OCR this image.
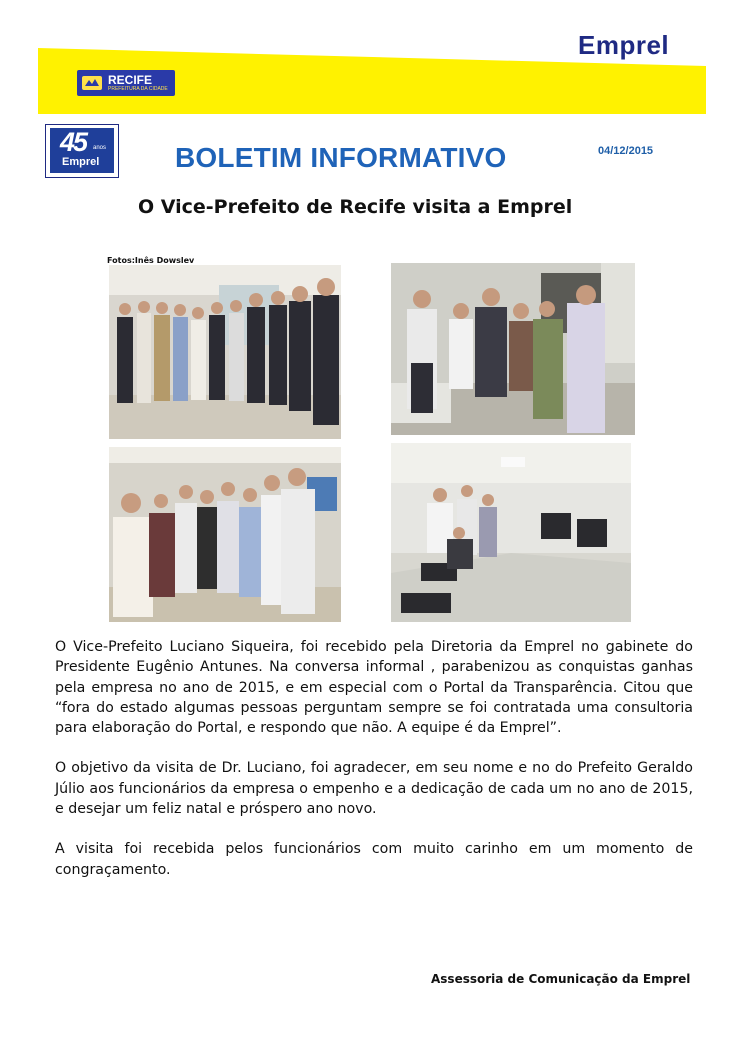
Emprel
RECIFE
PREFEITURA DA CIDADE
45 anos
Emprel	BOLETIM INFORMATIVO	04/12/2015
O Vice-Prefeito de Recife visita a Emprel
Fotos:Inês Dowslev

O Vice-Prefeito Luciano Siqueira, foi recebido pela Diretoria da Emprel no gabinete do Presidente Eugênio Antunes. Na conversa informal , parabenizou as conquistas ganhas pela empresa no ano de 2015, e em especial com o Portal da Transparência. Citou que “fora do estado algumas pessoas perguntam sempre se foi contratada uma consultoria para elaboração do Portal, e respondo que não. A equipe é da Emprel”.

O objetivo da visita de Dr. Luciano, foi agradecer, em seu nome e no do Prefeito Geraldo Júlio aos funcionários da empresa o empenho e a dedicação de cada um no ano de 2015, e desejar um feliz natal e próspero ano novo.

A visita foi recebida pelos funcionários com muito carinho em um momento de congraçamento.

Assessoria de Comunicação da Emprel
